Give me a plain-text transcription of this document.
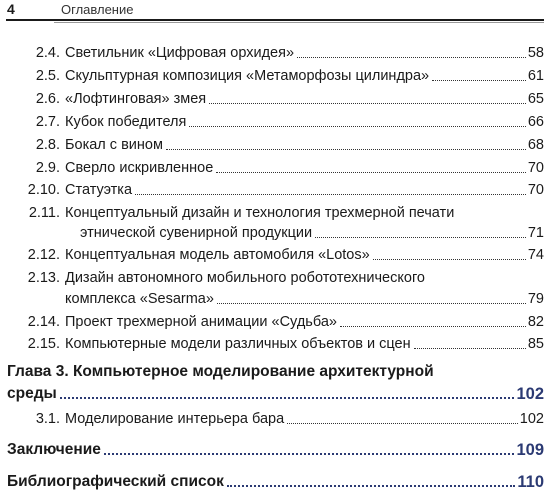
4	Оглавление
2.4. Светильник «Цифровая орхидея»	58
2.5. Скульптурная композиция «Метаморфозы цилиндра»	61
2.6. «Лофтинговая» змея	65
2.7. Кубок победителя	66
2.8. Бокал с вином	68
2.9. Сверло искривленное	70
2.10. Статуэтка	70
2.11. Концептуальный дизайн и технология трехмерной печати
этнической сувенирной продукции	71
2.12. Концептуальная модель автомобиля «Lotos»	74
2.13. Дизайн автономного мобильного робототехнического
комплекса «Sesarma»	79
2.14. Проект трехмерной анимации «Судьба»	82
2.15. Компьютерные модели различных объектов и сцен	85
Глава 3. Компьютерное моделирование архитектурной
среды	102
3.1. Моделирование интерьера бара	102
Заключение	109
Библиографический список	110
